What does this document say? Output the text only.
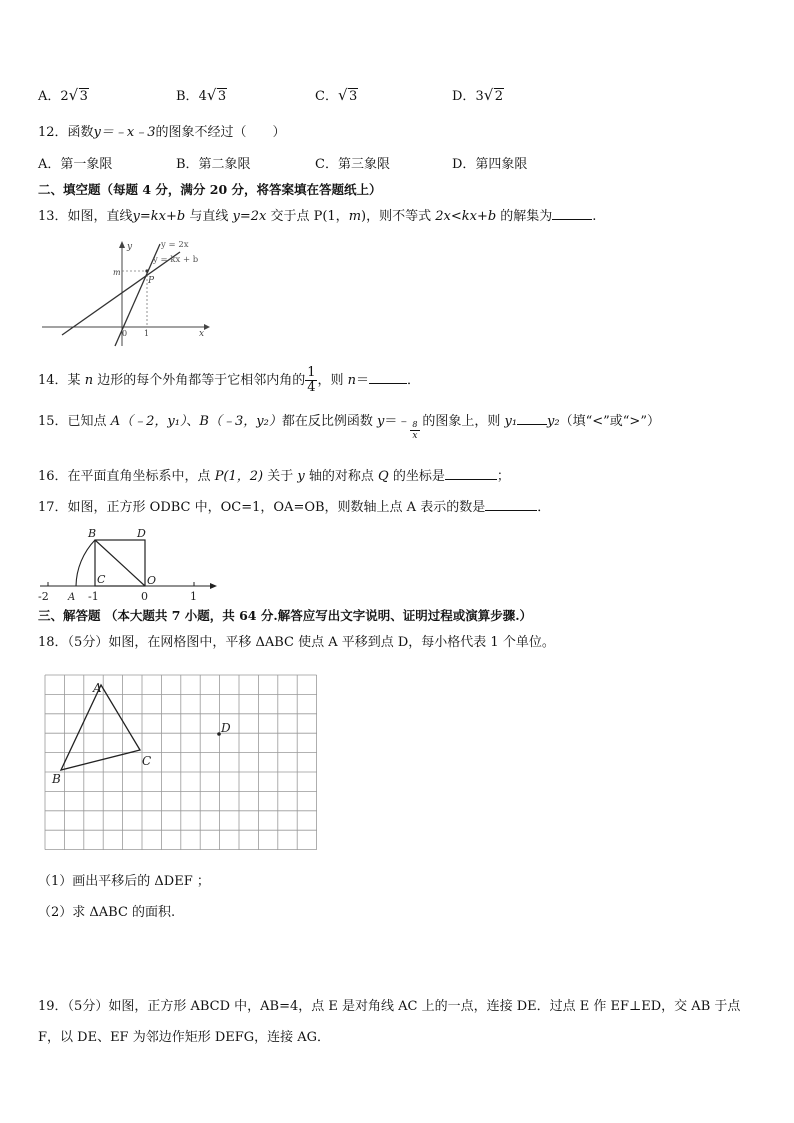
A．2 √ 3	B．4 √ 3	C． √ 3	D．3 √ 2
12．函数y＝﹣x﹣3的图象不经过（　　）
A．第一象限	B．第二象限	C．第三象限	D．第四象限
二、填空题（每题 4 分，满分 20 分，将答案填在答题纸上）
13．如图，直线y=kx+b 与直线 y=2x 交于点 P(1，m)，则不等式 2x<kx+b 的解集为	.
y
x
0 1
m
P
y = 2x
y = kx + b
14．某 n 边形的每个外角都等于它相邻内角的 $\frac{1}{4}$ ，则 n＝	．
15．已知点 A（﹣2，y₁）、B（﹣3，y₂）都在反比例函数 y＝﹣ $\frac{8}{x}$ 的图象上，则 y₁ y₂（填“<”或“>”）
16．在平面直角坐标系中，点 P(1，2) 关于 y 轴的对称点 Q 的坐标是	；
17．如图，正方形 ODBC 中，OC=1，OA=OB，则数轴上点 A 表示的数是	．
B	D
C	O
A
-2	-1	0	1
三、解答题 （本大题共 7 小题，共 64 分.解答应写出文字说明、证明过程或演算步骤.）
18．（5分）如图，在网格图中，平移 ΔABC 使点 A 平移到点 D，每小格代表 1 个单位。
A
B
C
D
（1）画出平移后的 ΔDEF ；
（2）求 ΔABC 的面积.
19．（5分）如图，正方形 ABCD 中，AB=4，点 E 是对角线 AC 上的一点，连接 DE．过点 E 作 EF⊥ED，交 AB 于点
F，以 DE、EF 为邻边作矩形 DEFG，连接 AG．
